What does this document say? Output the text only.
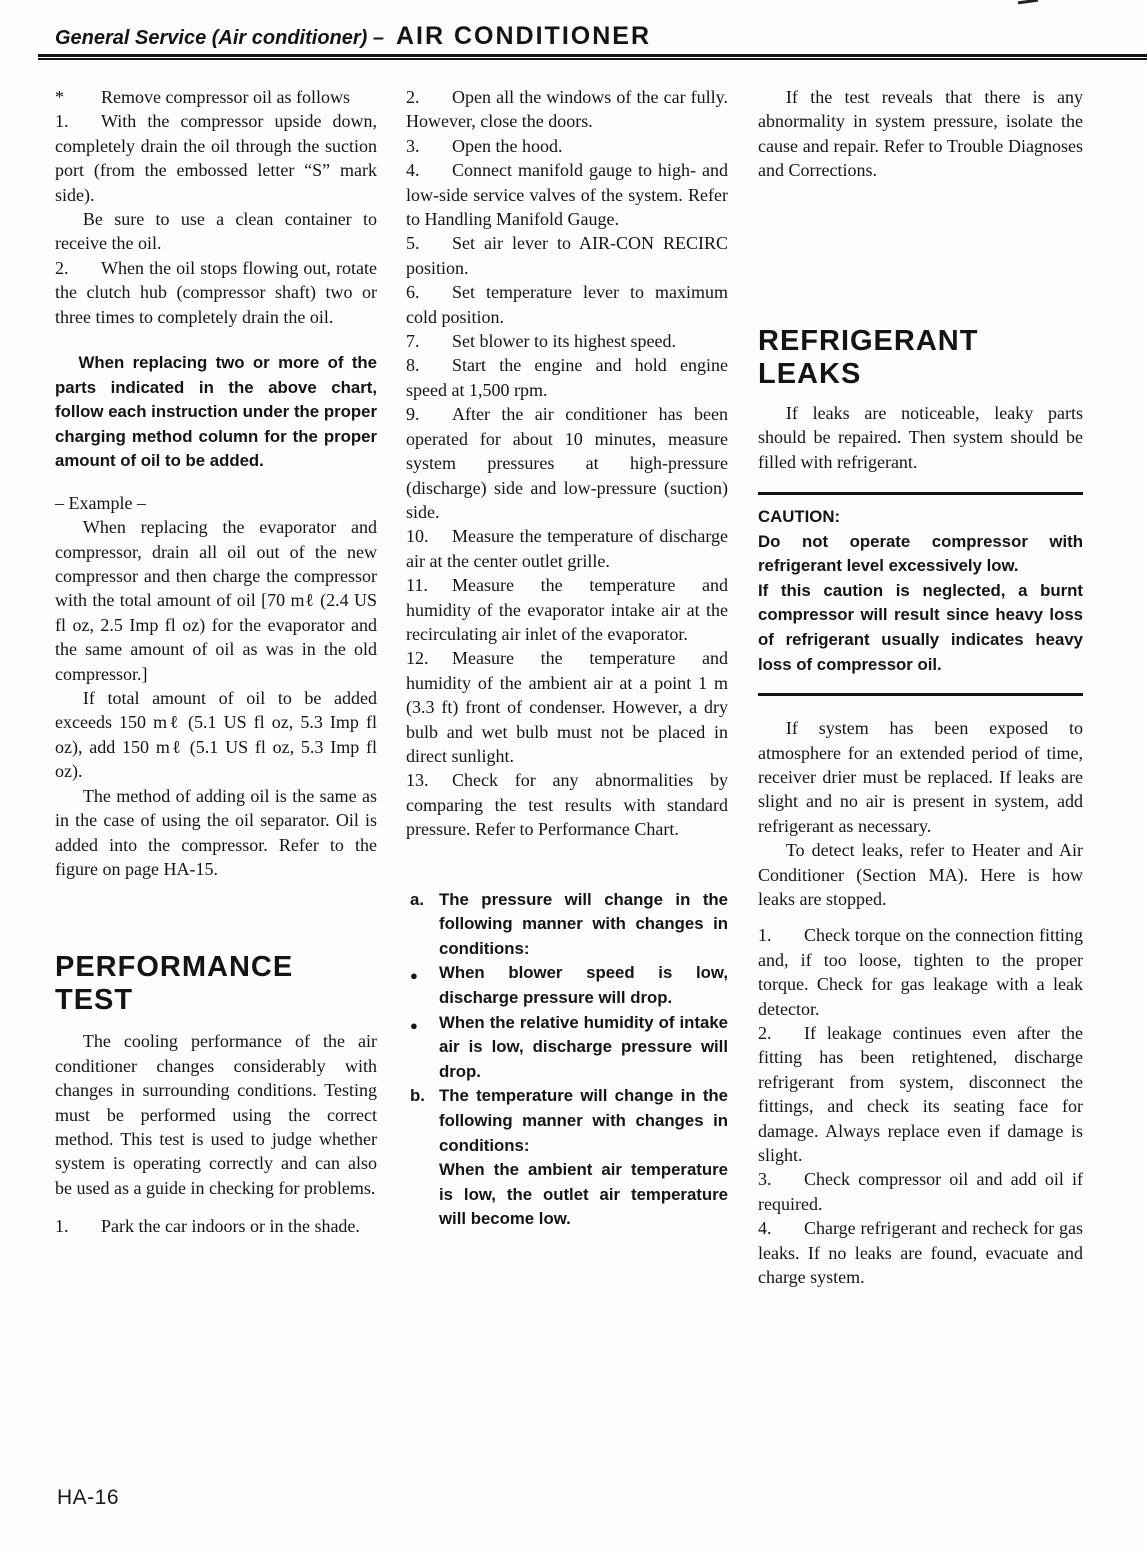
General Service (Air conditioner) – AIR CONDITIONER

* Remove compressor oil as follows

1. With the compressor upside down, completely drain the oil through the suction port (from the embossed letter “S” mark side).

Be sure to use a clean container to receive the oil.

2. When the oil stops flowing out, rotate the clutch hub (compressor shaft) two or three times to completely drain the oil.

When replacing two or more of the parts indicated in the above chart, follow each instruction under the proper charging method column for the proper amount of oil to be added.

– Example –

When replacing the evaporator and compressor, drain all oil out of the new compressor and then charge the compressor with the total amount of oil [70 mℓ (2.4 US fl oz, 2.5 Imp fl oz) for the evaporator and the same amount of oil as was in the old compressor.]

If total amount of oil to be added exceeds 150 mℓ (5.1 US fl oz, 5.3 Imp fl oz), add 150 mℓ (5.1 US fl oz, 5.3 Imp fl oz).

The method of adding oil is the same as in the case of using the oil separator. Oil is added into the compressor. Refer to the figure on page HA-15.

PERFORMANCE TEST

The cooling performance of the air conditioner changes considerably with changes in surrounding conditions. Testing must be performed using the correct method. This test is used to judge whether system is operating correctly and can also be used as a guide in checking for problems.

1. Park the car indoors or in the shade.

2. Open all the windows of the car fully. However, close the doors.

3. Open the hood.

4. Connect manifold gauge to high- and low-side service valves of the system. Refer to Handling Manifold Gauge.

5. Set air lever to AIR-CON RECIRC position.

6. Set temperature lever to maximum cold position.

7. Set blower to its highest speed.

8. Start the engine and hold engine speed at 1,500 rpm.

9. After the air conditioner has been operated for about 10 minutes, measure system pressures at high-pressure (discharge) side and low-pressure (suction) side.

10. Measure the temperature of discharge air at the center outlet grille.

11. Measure the temperature and humidity of the evaporator intake air at the recirculating air inlet of the evaporator.

12. Measure the temperature and humidity of the ambient air at a point 1 m (3.3 ft) front of condenser. However, a dry bulb and wet bulb must not be placed in direct sunlight.

13. Check for any abnormalities by comparing the test results with standard pressure. Refer to Performance Chart.

a. The pressure will change in the following manner with changes in conditions:

● When blower speed is low, discharge pressure will drop.

● When the relative humidity of intake air is low, discharge pressure will drop.

b. The temperature will change in the following manner with changes in conditions:

When the ambient air temperature is low, the outlet air temperature will become low.

If the test reveals that there is any abnormality in system pressure, isolate the cause and repair. Refer to Trouble Diagnoses and Corrections.

REFRIGERANT LEAKS

If leaks are noticeable, leaky parts should be repaired. Then system should be filled with refrigerant.

CAUTION:

Do not operate compressor with refrigerant level excessively low.

If this caution is neglected, a burnt compressor will result since heavy loss of refrigerant usually indicates heavy loss of compressor oil.

If system has been exposed to atmosphere for an extended period of time, receiver drier must be replaced. If leaks are slight and no air is present in system, add refrigerant as necessary.

To detect leaks, refer to Heater and Air Conditioner (Section MA). Here is how leaks are stopped.

1. Check torque on the connection fitting and, if too loose, tighten to the proper torque. Check for gas leakage with a leak detector.

2. If leakage continues even after the fitting has been retightened, discharge refrigerant from system, disconnect the fittings, and check its seating face for damage. Always replace even if damage is slight.

3. Check compressor oil and add oil if required.

4. Charge refrigerant and recheck for gas leaks. If no leaks are found, evacuate and charge system.

HA-16
